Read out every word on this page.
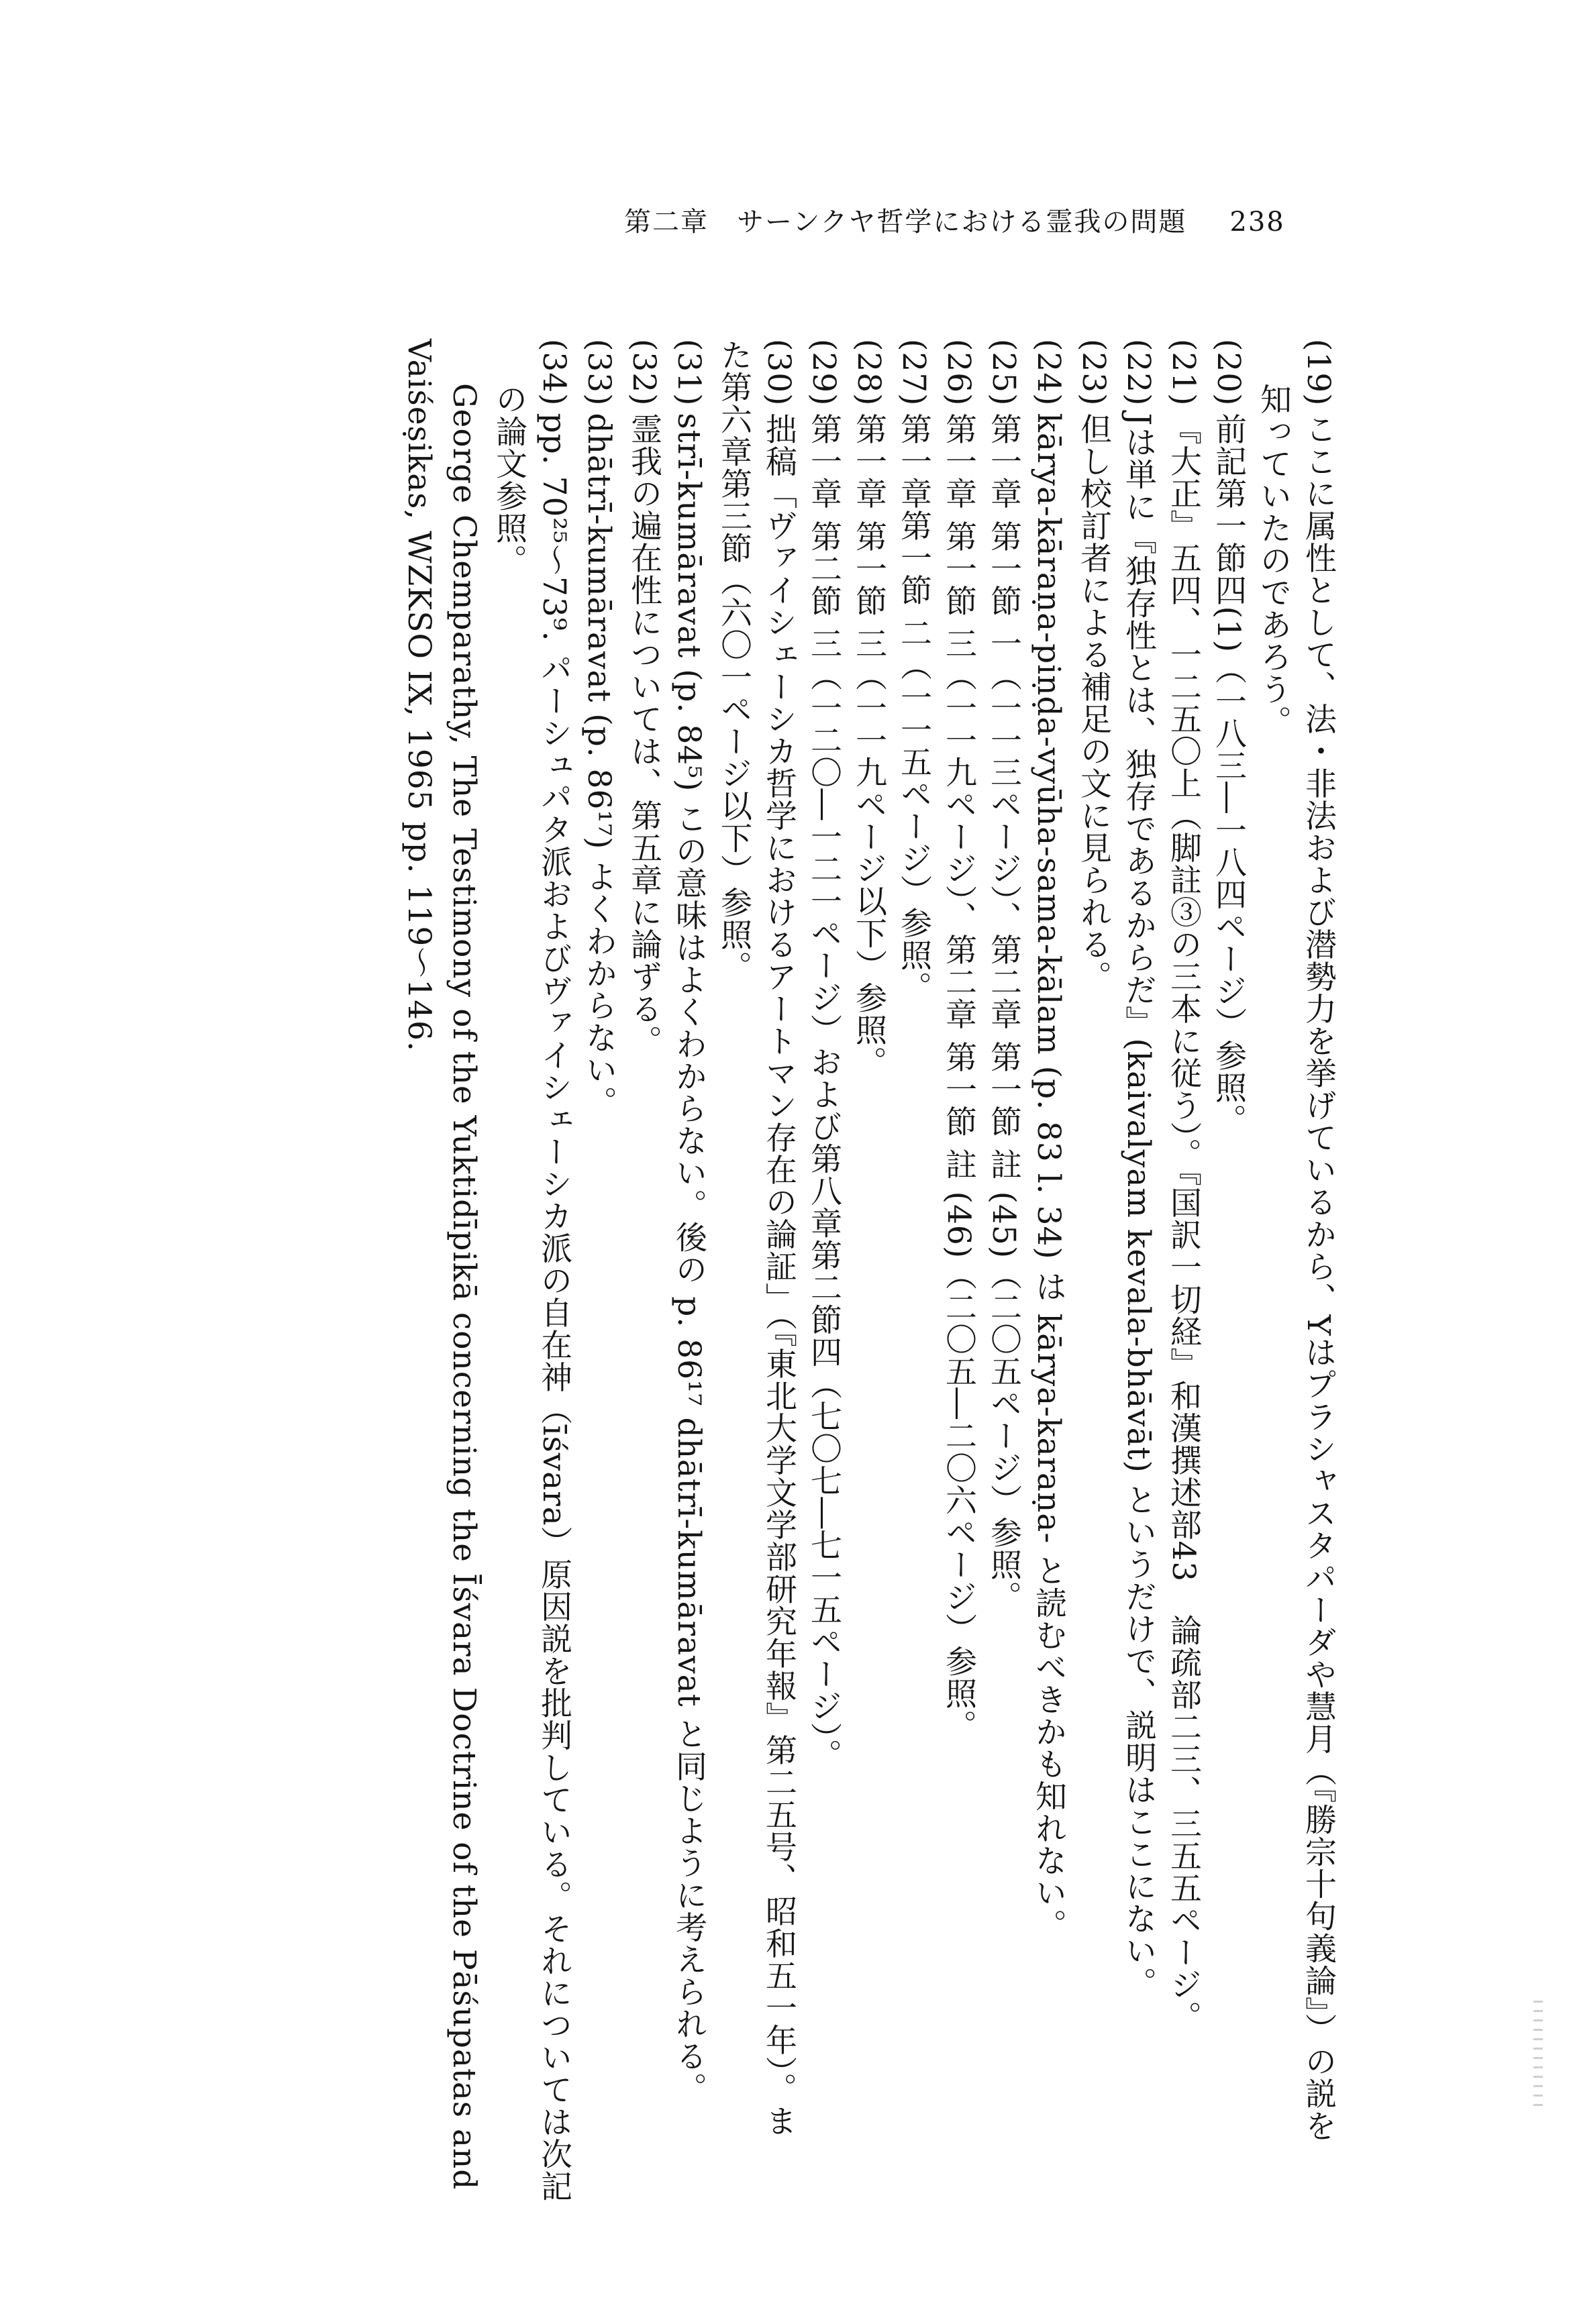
第二章　 サーンクヤ哲学における霊我の問題 238
(19)ここに属性として、法・非法および潜勢力を挙げているから、Yはプラシャスタパーダや慧月（『勝宗十句義論』）の説を
知っていたのであろう。
(20)前記第一節四(1)（一八三―一八四ページ）参照。
(21)『大正』五四、一二五〇上（脚註③の三本に従う）。『国訳一切経』和漢撰述部43　論疏部二三、三五五ページ。
(22)Jは単に『独存性とは、独存であるからだ』(kaivalyam kevala-bhāvāt) というだけで、説明はここにない。
(23)但し校訂者による補足の文に見られる。
(24)kārya-kāraṇa-piṇḍa-vyūha-sama-kālam (p. 83 l. 34) は kārya-karaṇa- と読むべきかも知れない。
(25)第一章 第一節 一（一一三ページ）、第二章 第一節 註 (45)（二〇五ページ）参照。
(26)第一章 第一節 三（一一九ページ）、第二章 第一節 註 (46)（二〇五―二〇六ページ）参照。
(27)第一章第一節 二（一一五ページ）参照。
(28)第一章 第一節 三（一一九ページ以下）参照。
(29)第一章 第二節 三（一二〇―一二一ページ）および第八章第二節四（七〇七―七一五ページ）。
(30)拙稿「ヴァイシェーシカ哲学におけるアートマン存在の論証」（『東北大学文学部研究年報』第二五号、昭和五一年）。ま
た第六章第三節（六〇一ページ以下）参照。
(31)strī-kumāravat (p. 84⁵) この意味はよくわからない。後の p. 86¹⁷ dhātrī-kumāravat と同じように考えられる。
(32)霊我の遍在性については、第五章に論ずる。
(33)dhātrī-kumāravat (p. 86¹⁷) よくわからない。
(34)pp. 70²⁵〜73⁹. パーシュパタ派およびヴァイシェーシカ派の自在神（īśvara）原因説を批判している。それについては次記
の論文参照。
George Chemparathy, The Testimony of the Yuktidīpikā concerning the Īśvara Doctrine of the Pāśupatas and
Vaiśeṣikas, WZKSO IX, 1965 pp. 119〜146.
